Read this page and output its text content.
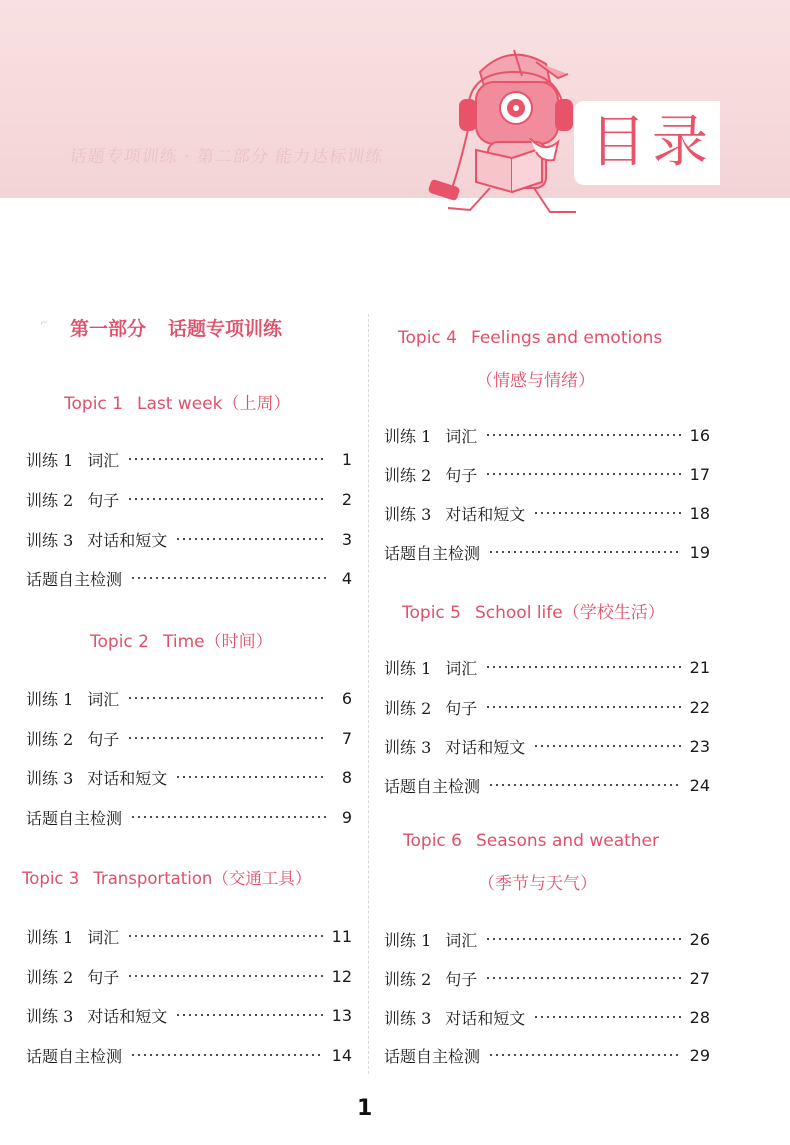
话题专项训练 · 第二部分 能力达标训练	目录
⌐	第一部分 话题专项训练
Topic 1 Last week（上周）
训练 1 词汇	1
训练 2 句子	2
训练 3 对话和短文	3
话题自主检测	4
Topic 2 Time（时间）
训练 1 词汇	6
训练 2 句子	7
训练 3 对话和短文	8
话题自主检测	9
Topic 3 Transportation（交通工具）
训练 1 词汇	11
训练 2 句子	12
训练 3 对话和短文	13
话题自主检测	14
Topic 4 Feelings and emotions
（情感与情绪）
训练 1 词汇	16
训练 2 句子	17
训练 3 对话和短文	18
话题自主检测	19
Topic 5 School life（学校生活）
训练 1 词汇	21
训练 2 句子	22
训练 3 对话和短文	23
话题自主检测	24
Topic 6 Seasons and weather
（季节与天气）
训练 1 词汇	26
训练 2 句子	27
训练 3 对话和短文	28
话题自主检测	29
1
